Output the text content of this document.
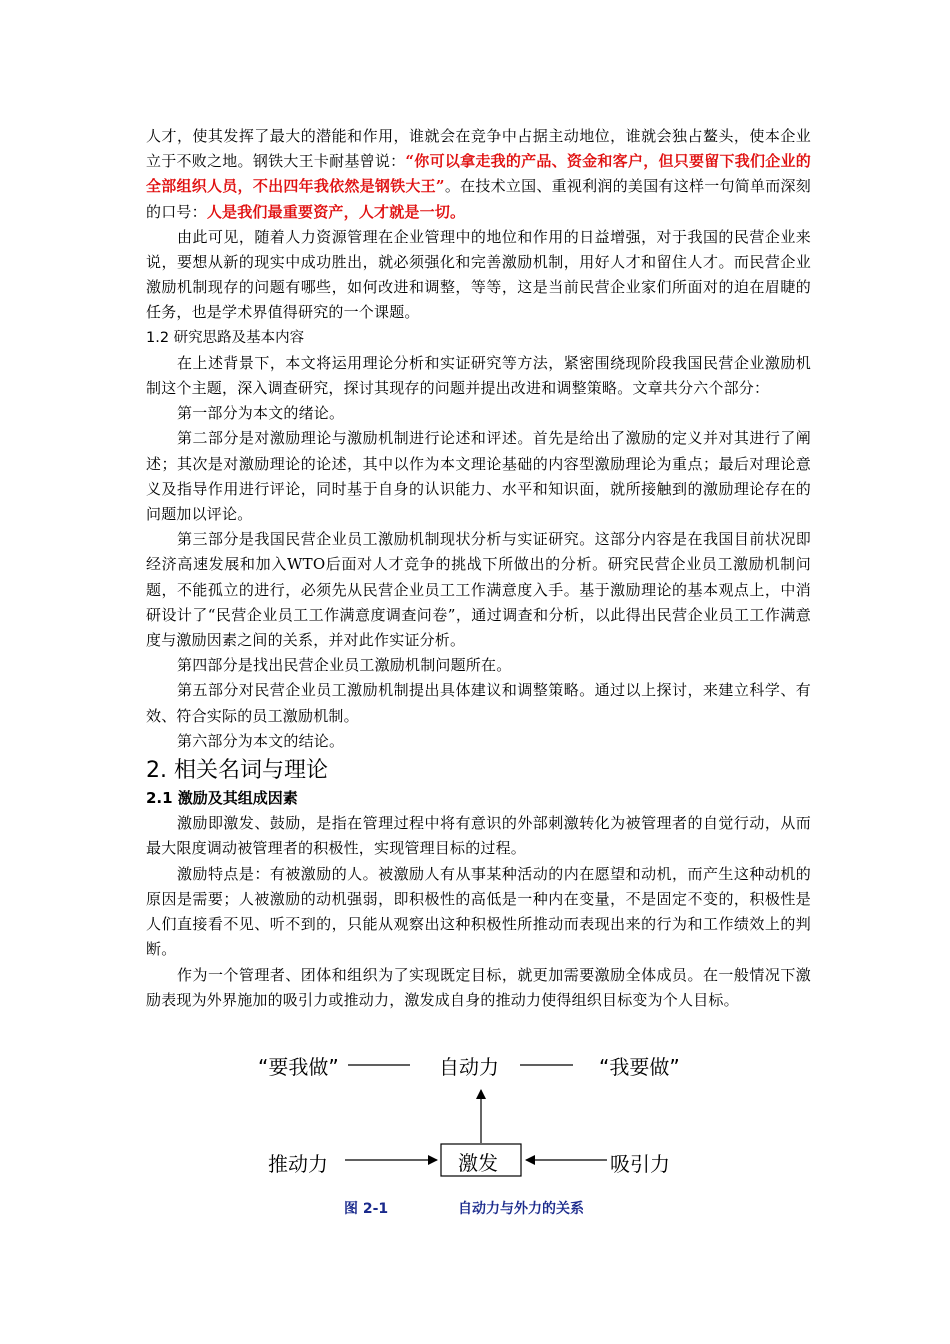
人才，使其发挥了最大的潜能和作用，谁就会在竞争中占据主动地位，谁就会独占鳌头，使本企业立于不败之地。钢铁大王卡耐基曾说：“你可以拿走我的产品、资金和客户，但只要留下我们企业的全部组织人员，不出四年我依然是钢铁大王”。在技术立国、重视利润的美国有这样一句简单而深刻的口号：人是我们最重要资产，人才就是一切。

由此可见，随着人力资源管理在企业管理中的地位和作用的日益增强，对于我国的民营企业来说，要想从新的现实中成功胜出，就必须强化和完善激励机制，用好人才和留住人才。而民营企业激励机制现存的问题有哪些，如何改进和调整，等等，这是当前民营企业家们所面对的迫在眉睫的任务，也是学术界值得研究的一个课题。

1.2 研究思路及基本内容

在上述背景下，本文将运用理论分析和实证研究等方法，紧密围绕现阶段我国民营企业激励机制这个主题，深入调查研究，探讨其现存的问题并提出改进和调整策略。文章共分六个部分：

第一部分为本文的绪论。

第二部分是对激励理论与激励机制进行论述和评述。首先是给出了激励的定义并对其进行了阐述；其次是对激励理论的论述，其中以作为本文理论基础的内容型激励理论为重点；最后对理论意义及指导作用进行评论，同时基于自身的认识能力、水平和知识面，就所接触到的激励理论存在的问题加以评论。

第三部分是我国民营企业员工激励机制现状分析与实证研究。这部分内容是在我国目前状况即经济高速发展和加入WTO后面对人才竞争的挑战下所做出的分析。研究民营企业员工激励机制问题，不能孤立的进行，必须先从民营企业员工工作满意度入手。基于激励理论的基本观点上，中消研设计了“民营企业员工工作满意度调查问卷”，通过调查和分析，以此得出民营企业员工工作满意度与激励因素之间的关系，并对此作实证分析。

第四部分是找出民营企业员工激励机制问题所在。

第五部分对民营企业员工激励机制提出具体建议和调整策略。通过以上探讨，来建立科学、有效、符合实际的员工激励机制。

第六部分为本文的结论。

2. 相关名词与理论
2.1 激励及其组成因素

激励即激发、鼓励，是指在管理过程中将有意识的外部刺激转化为被管理者的自觉行动，从而最大限度调动被管理者的积极性，实现管理目标的过程。

激励特点是：有被激励的人。被激励人有从事某种活动的内在愿望和动机，而产生这种动机的原因是需要；人被激励的动机强弱，即积极性的高低是一种内在变量，不是固定不变的，积极性是人们直接看不见、听不到的，只能从观察出这种积极性所推动而表现出来的行为和工作绩效上的判断。

作为一个管理者、团体和组织为了实现既定目标，就更加需要激励全体成员。在一般情况下激励表现为外界施加的吸引力或推动力，激发成自身的推动力使得组织目标变为个人目标。

“要我做”	自动力	“我要做”
推动力	激发	吸引力
图 2-1	自动力与外力的关系
